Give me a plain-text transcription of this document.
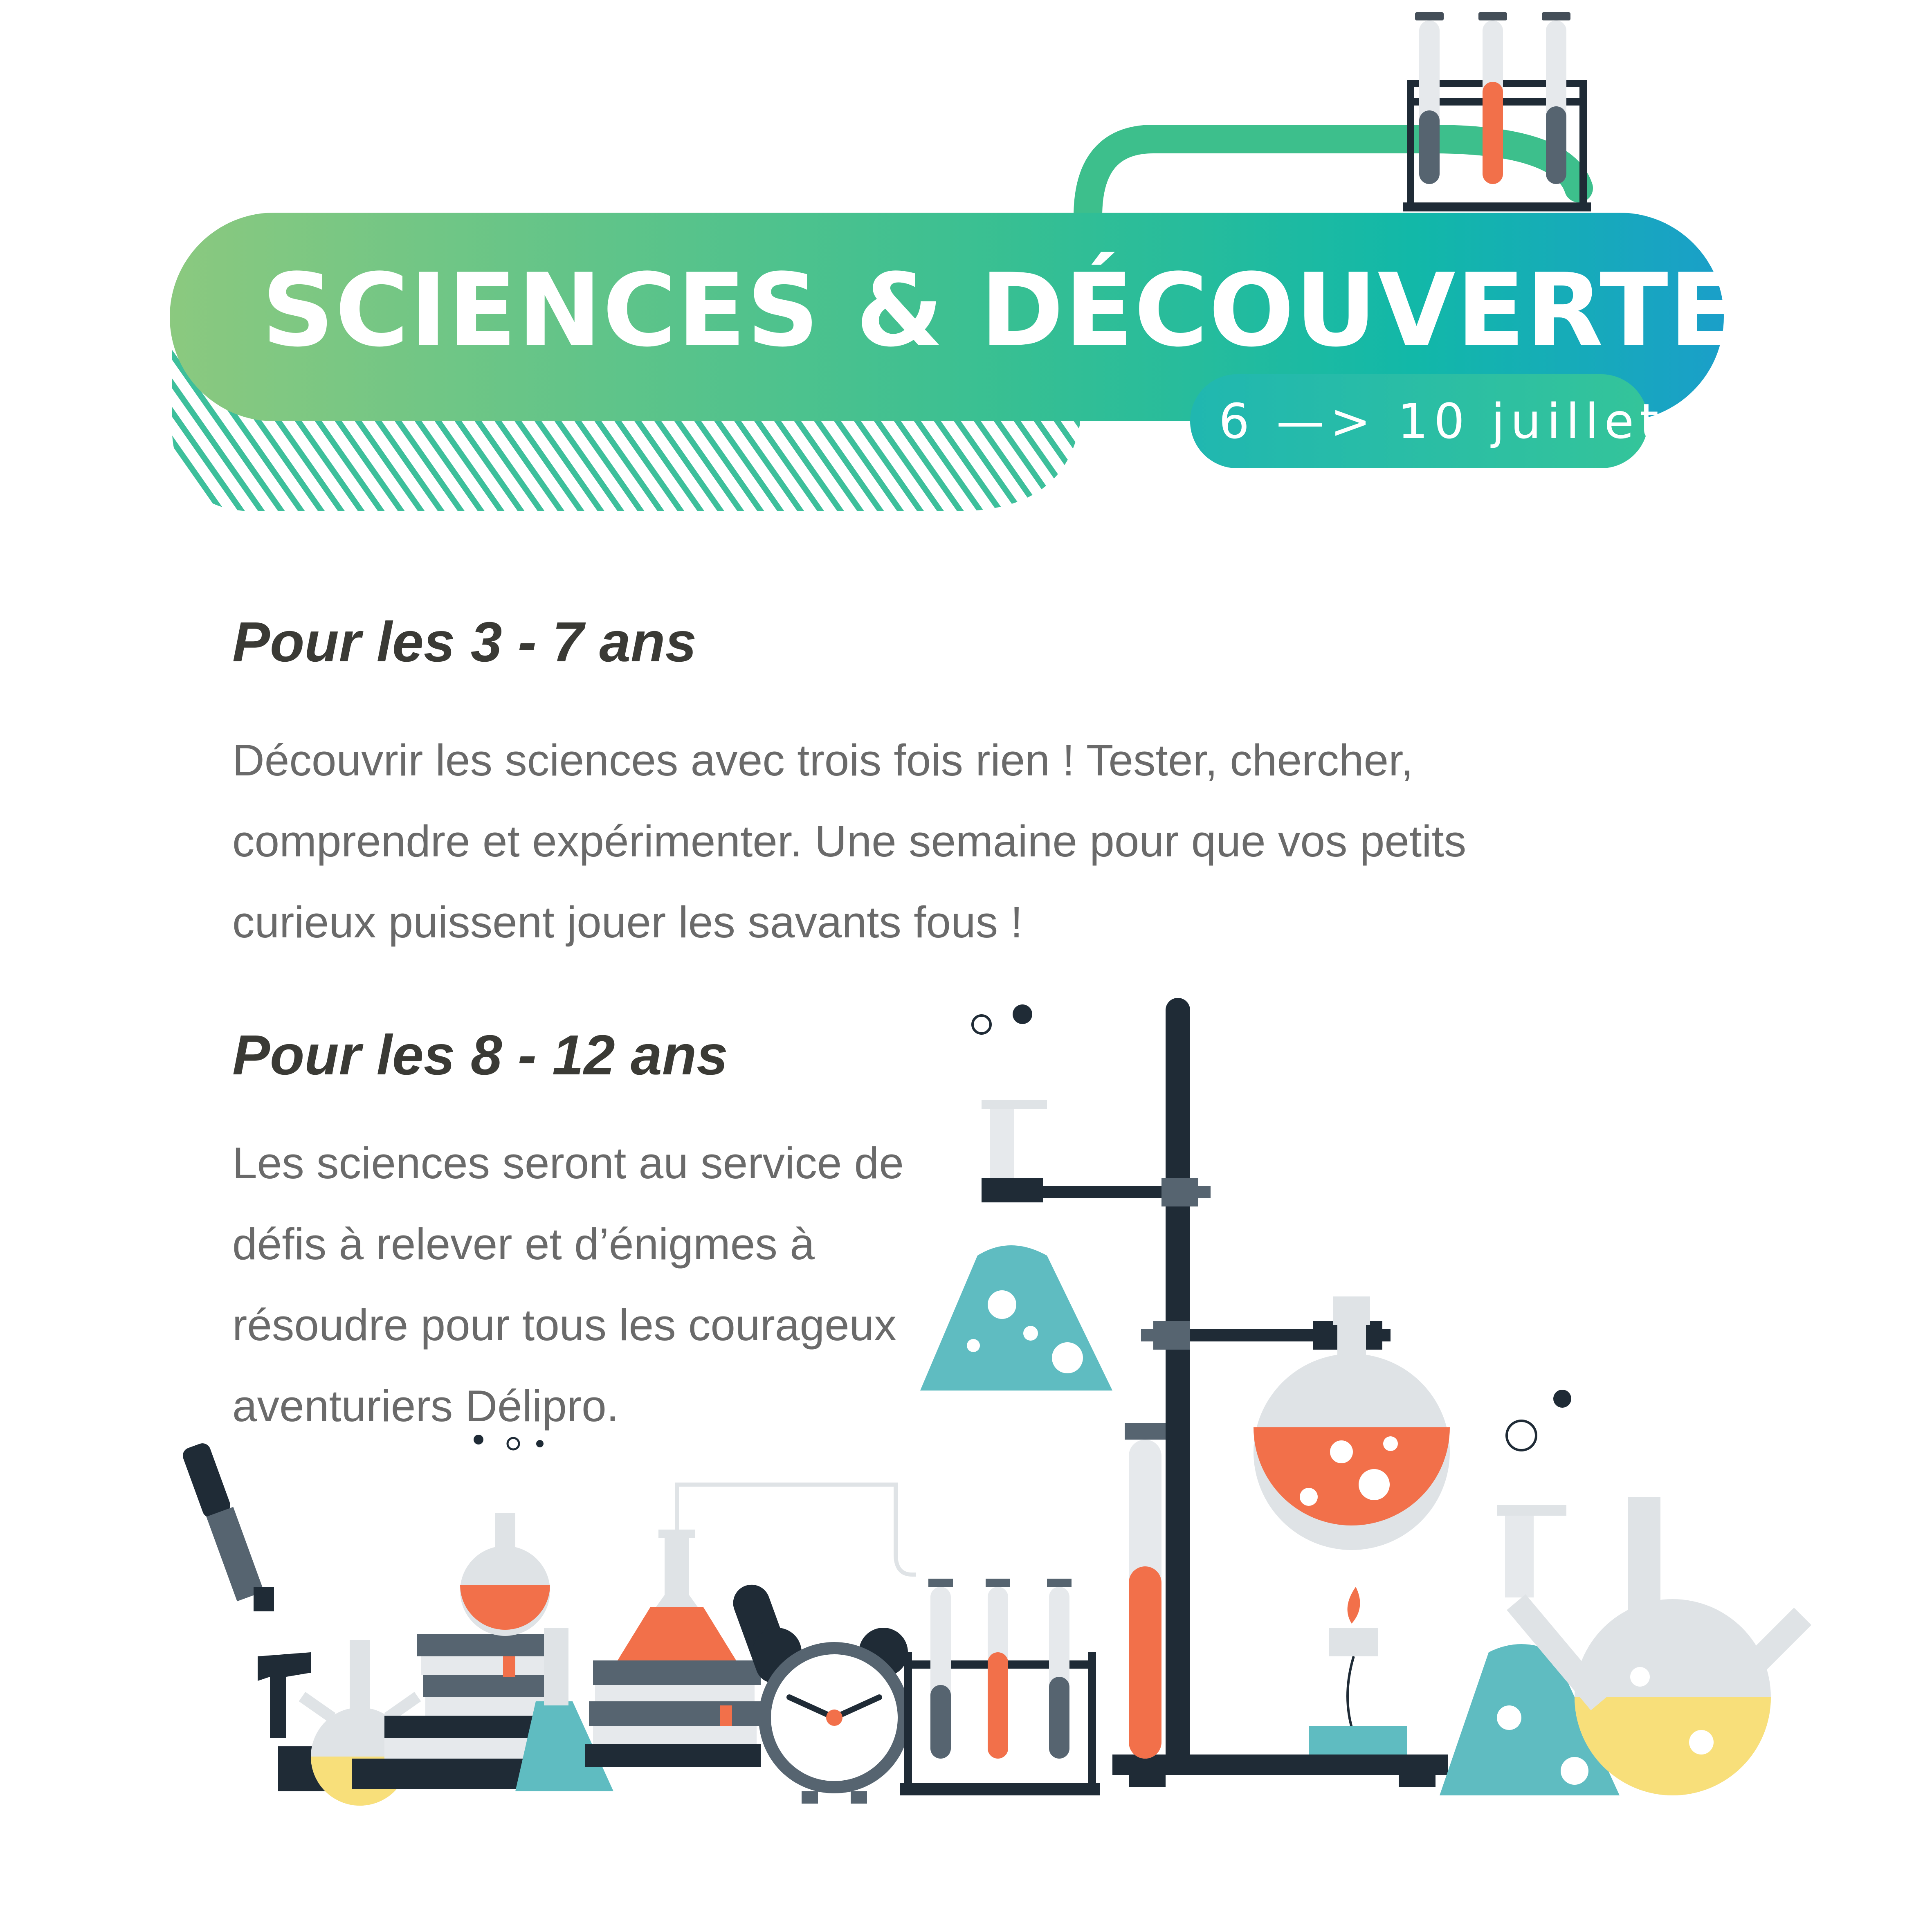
SCIENCES & DÉCOUVERTES
6 —> 10 juillet
Pour les 3 - 7 ans

Découvrir les sciences avec trois fois rien ! Tester, chercher, comprendre et expérimenter. Une semaine pour que vos petits curieux puissent jouer les savants fous !

Pour les 8 - 12 ans

Les sciences seront au service de défis à relever et d’énigmes à résoudre pour tous les courageux aventuriers Délipro.
